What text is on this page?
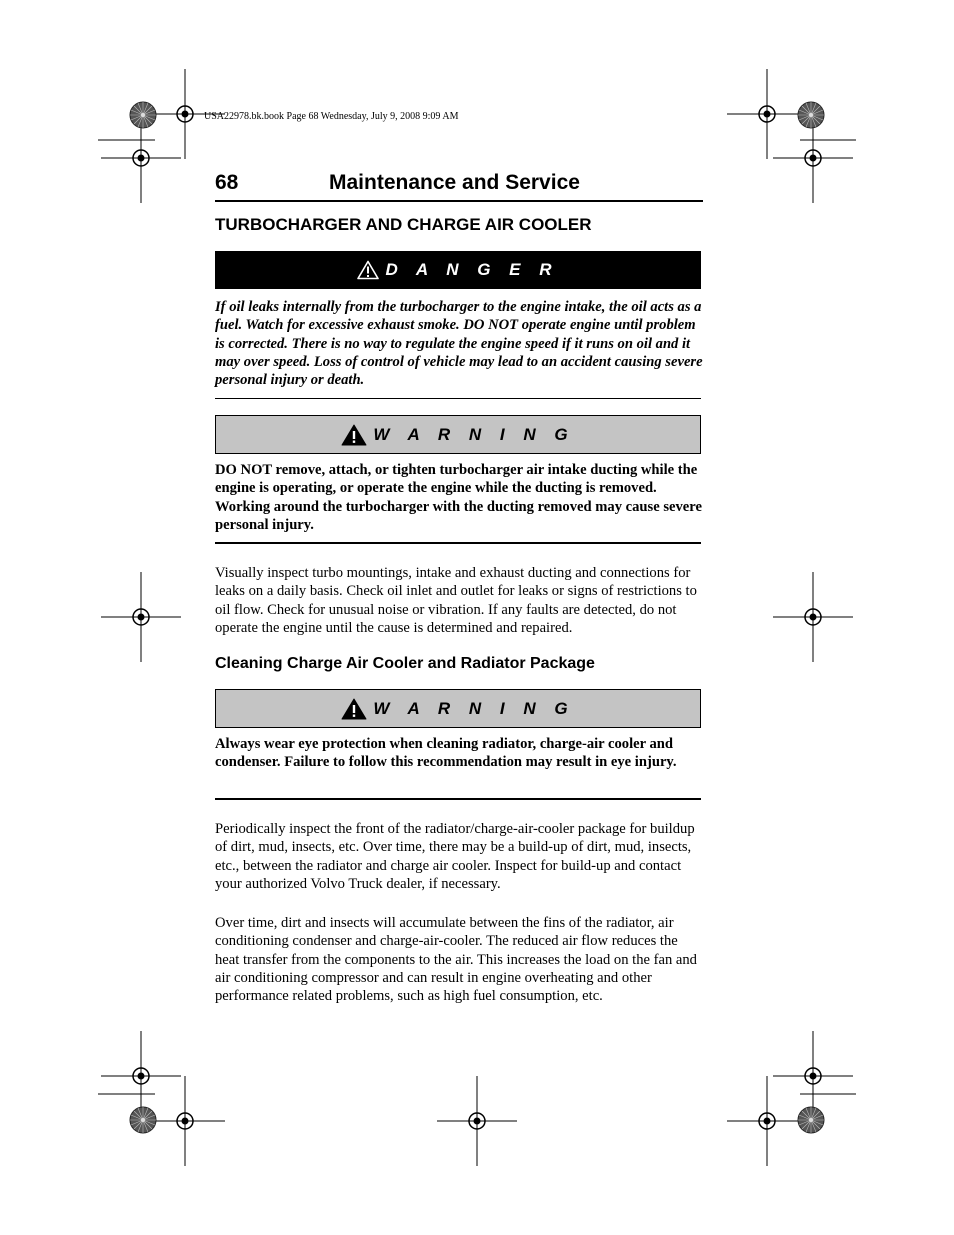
USA22978.bk.book Page 68 Wednesday, July 9, 2008 9:09 AM
68	Maintenance and Service
TURBOCHARGER AND CHARGE AIR COOLER
D A N G E R

If oil leaks internally from the turbocharger to the engine intake, the oil acts as a fuel. Watch for excessive exhaust smoke. DO NOT operate engine until problem is corrected. There is no way to regulate the engine speed if it runs on oil and it may over speed. Loss of control of vehicle may lead to an accident causing severe personal injury or death.

W A R N I N G

DO NOT remove, attach, or tighten turbocharger air intake ducting while the engine is operating, or operate the engine while the ducting is removed. Working around the turbocharger with the ducting removed may cause severe personal injury.

Visually inspect turbo mountings, intake and exhaust ducting and connections for leaks on a daily basis. Check oil inlet and outlet for leaks or signs of restrictions to oil flow. Check for unusual noise or vibration. If any faults are detected, do not operate the engine until the cause is determined and repaired.

Cleaning Charge Air Cooler and Radiator Package
W A R N I N G

Always wear eye protection when cleaning radiator, charge-air cooler and condenser. Failure to follow this recommendation may result in eye injury.

Periodically inspect the front of the radiator/charge-air-cooler package for buildup of dirt, mud, insects, etc. Over time, there may be a build-up of dirt, mud, insects, etc., between the radiator and charge air cooler. Inspect for build-up and contact your authorized Volvo Truck dealer, if necessary.

Over time, dirt and insects will accumulate between the fins of the radiator, air conditioning condenser and charge-air-cooler. The reduced air flow reduces the heat transfer from the components to the air. This increases the load on the fan and air conditioning compressor and can result in engine overheating and other performance related problems, such as high fuel consumption, etc.
